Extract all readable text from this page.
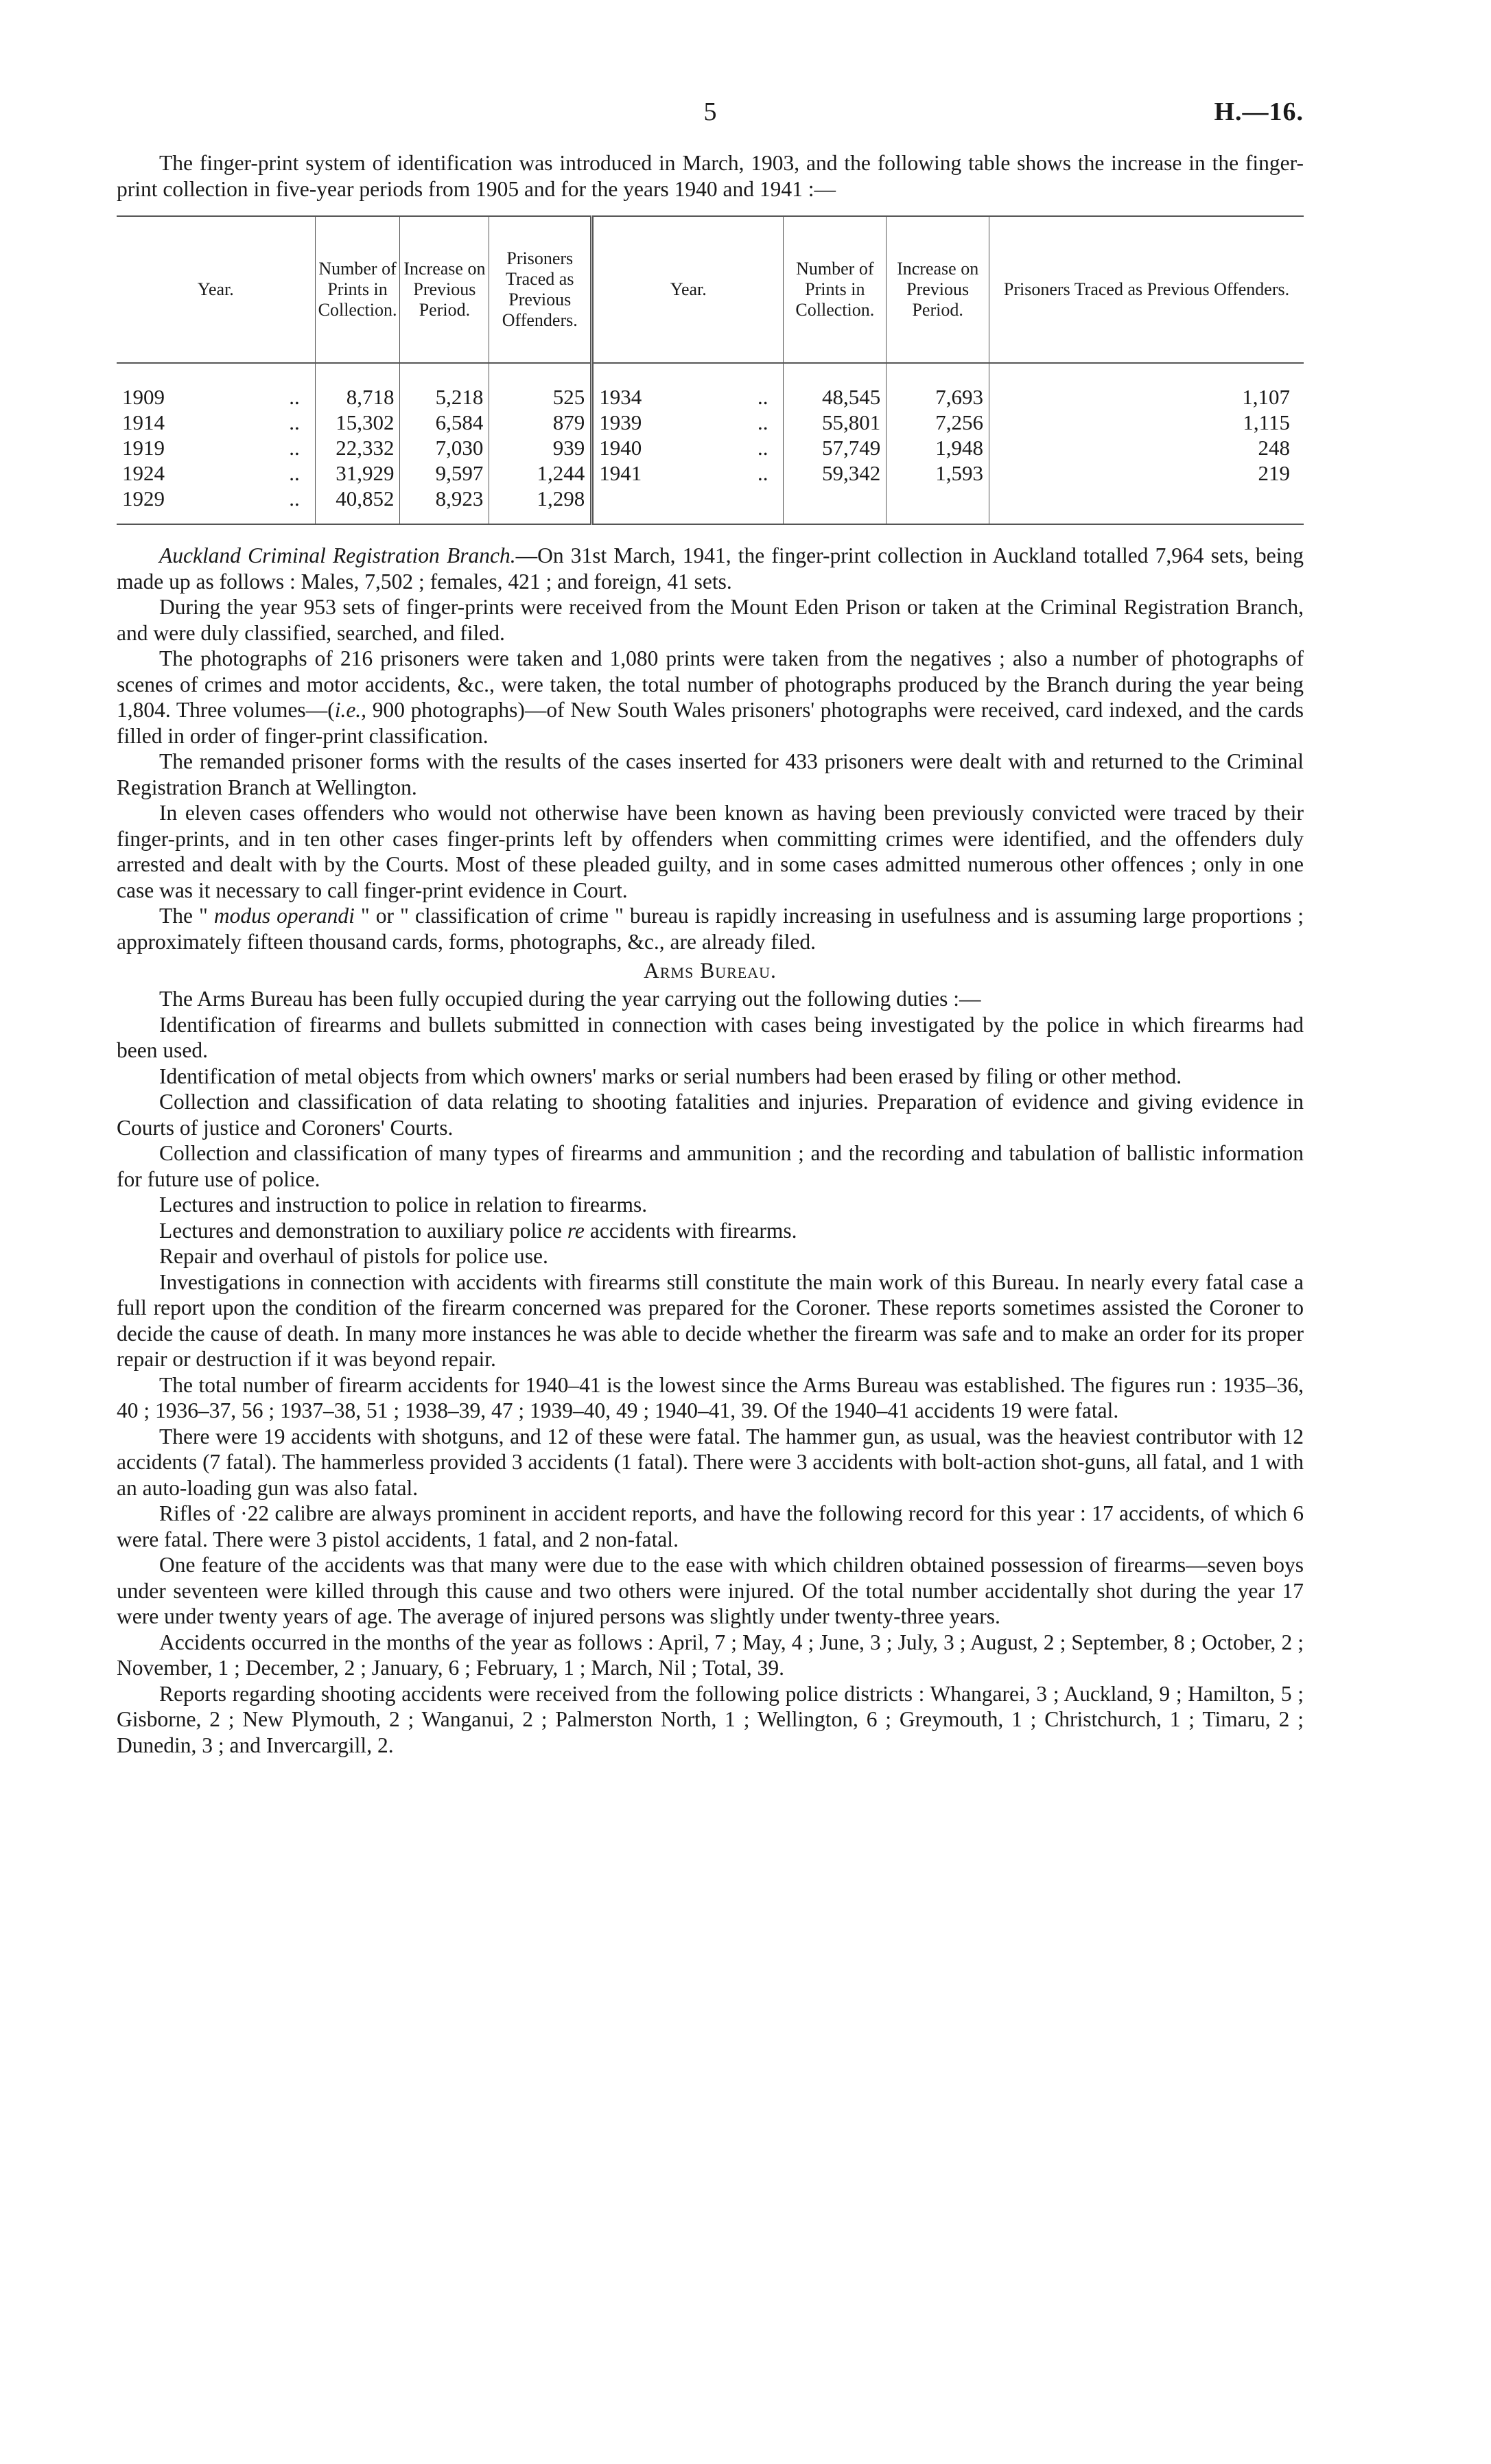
5	H.—16.

The finger-print system of identification was introduced in March, 1903, and the following table shows the increase in the finger-print collection in five-year periods from 1905 and for the years 1940 and 1941 :—

Year.		Number of Prints in Collection.	Increase on Previous Period.	Prisoners Traced as Previous Offenders.	Year.		Number of Prints in Collection.	Increase on Previous Period.	Prisoners Traced as Previous Offenders.
1909	..	8,718	5,218	525	1934	..	48,545	7,693	1,107
1914	..	15,302	6,584	879	1939	..	55,801	7,256	1,115
1919	..	22,332	7,030	939	1940	..	57,749	1,948	248
1924	..	31,929	9,597	1,244	1941	..	59,342	1,593	219
1929	..	40,852	8,923	1,298					

Auckland Criminal Registration Branch.—On 31st March, 1941, the finger-print collection in Auckland totalled 7,964 sets, being made up as follows : Males, 7,502 ; females, 421 ; and foreign, 41 sets.

During the year 953 sets of finger-prints were received from the Mount Eden Prison or taken at the Criminal Registration Branch, and were duly classified, searched, and filed.

The photographs of 216 prisoners were taken and 1,080 prints were taken from the negatives ; also a number of photographs of scenes of crimes and motor accidents, &c., were taken, the total number of photographs produced by the Branch during the year being 1,804. Three volumes—(i.e., 900 photographs)—of New South Wales prisoners' photographs were received, card indexed, and the cards filled in order of finger-print classification.

The remanded prisoner forms with the results of the cases inserted for 433 prisoners were dealt with and returned to the Criminal Registration Branch at Wellington.

In eleven cases offenders who would not otherwise have been known as having been previously convicted were traced by their finger-prints, and in ten other cases finger-prints left by offenders when committing crimes were identified, and the offenders duly arrested and dealt with by the Courts. Most of these pleaded guilty, and in some cases admitted numerous other offences ; only in one case was it necessary to call finger-print evidence in Court.

The " modus operandi " or " classification of crime " bureau is rapidly increasing in usefulness and is assuming large proportions ; approximately fifteen thousand cards, forms, photographs, &c., are already filed.

Arms Bureau.

The Arms Bureau has been fully occupied during the year carrying out the following duties :—

Identification of firearms and bullets submitted in connection with cases being investigated by the police in which firearms had been used.

Identification of metal objects from which owners' marks or serial numbers had been erased by filing or other method.

Collection and classification of data relating to shooting fatalities and injuries. Preparation of evidence and giving evidence in Courts of justice and Coroners' Courts.

Collection and classification of many types of firearms and ammunition ; and the recording and tabulation of ballistic information for future use of police.

Lectures and instruction to police in relation to firearms.

Lectures and demonstration to auxiliary police re accidents with firearms.

Repair and overhaul of pistols for police use.

Investigations in connection with accidents with firearms still constitute the main work of this Bureau. In nearly every fatal case a full report upon the condition of the firearm concerned was prepared for the Coroner. These reports sometimes assisted the Coroner to decide the cause of death. In many more instances he was able to decide whether the firearm was safe and to make an order for its proper repair or destruction if it was beyond repair.

The total number of firearm accidents for 1940–41 is the lowest since the Arms Bureau was established. The figures run : 1935–36, 40 ; 1936–37, 56 ; 1937–38, 51 ; 1938–39, 47 ; 1939–40, 49 ; 1940–41, 39. Of the 1940–41 accidents 19 were fatal.

There were 19 accidents with shotguns, and 12 of these were fatal. The hammer gun, as usual, was the heaviest contributor with 12 accidents (7 fatal). The hammerless provided 3 accidents (1 fatal). There were 3 accidents with bolt-action shot-guns, all fatal, and 1 with an auto-loading gun was also fatal.

Rifles of ·22 calibre are always prominent in accident reports, and have the following record for this year : 17 accidents, of which 6 were fatal. There were 3 pistol accidents, 1 fatal, and 2 non-fatal.

One feature of the accidents was that many were due to the ease with which children obtained possession of firearms—seven boys under seventeen were killed through this cause and two others were injured. Of the total number accidentally shot during the year 17 were under twenty years of age. The average of injured persons was slightly under twenty-three years.

Accidents occurred in the months of the year as follows : April, 7 ; May, 4 ; June, 3 ; July, 3 ; August, 2 ; September, 8 ; October, 2 ; November, 1 ; December, 2 ; January, 6 ; February, 1 ; March, Nil ; Total, 39.

Reports regarding shooting accidents were received from the following police districts : Whangarei, 3 ; Auckland, 9 ; Hamilton, 5 ; Gisborne, 2 ; New Plymouth, 2 ; Wanganui, 2 ; Palmerston North, 1 ; Wellington, 6 ; Greymouth, 1 ; Christchurch, 1 ; Timaru, 2 ; Dunedin, 3 ; and Invercargill, 2.
